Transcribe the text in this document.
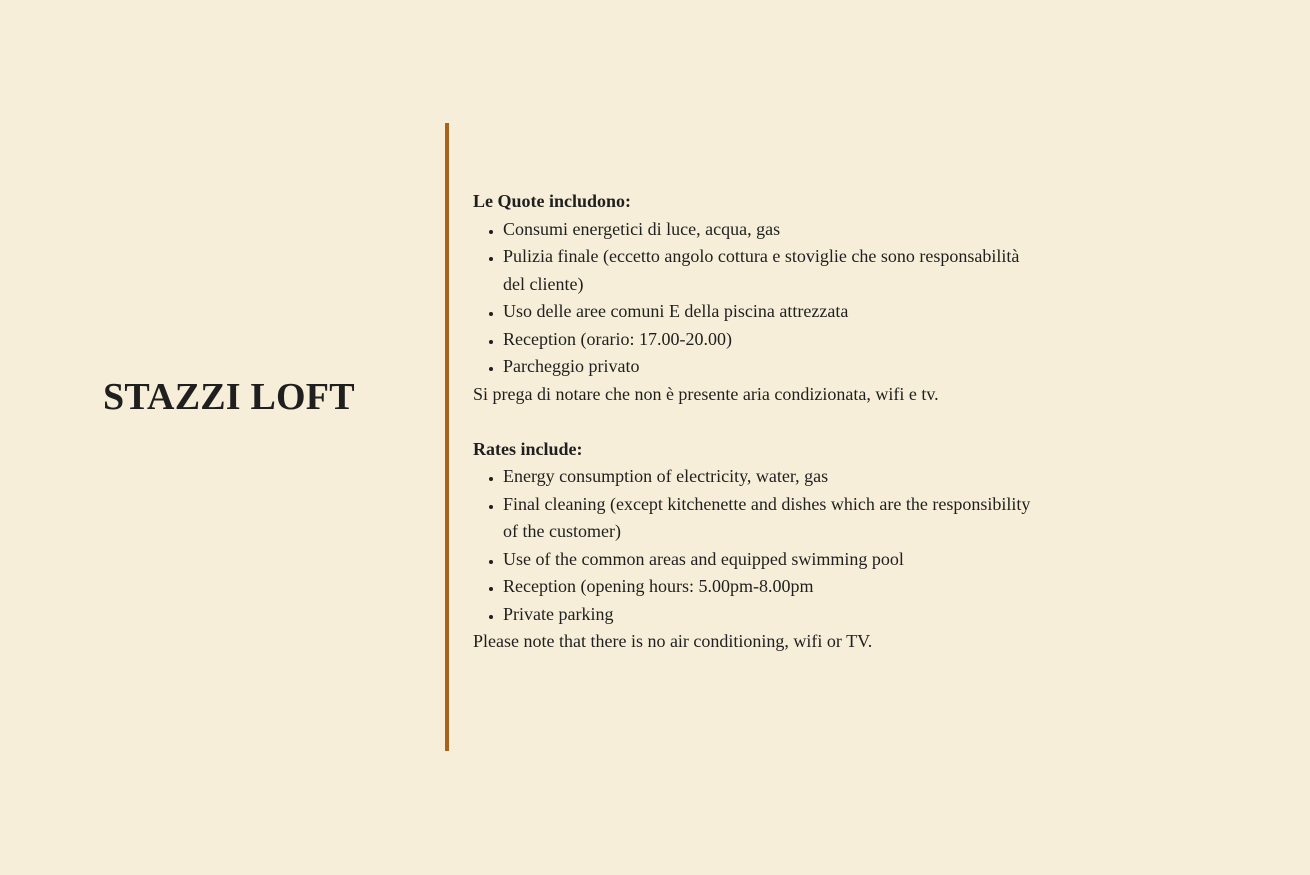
STAZZI LOFT

Le Quote includono:

• Consumi energetici di luce, acqua, gas
• Pulizia finale (eccetto angolo cottura e stoviglie che sono responsabilità del cliente)
• Uso delle aree comuni E della piscina attrezzata
• Reception (orario: 17.00-20.00)
• Parcheggio privato

Si prega di notare che non è presente aria condizionata, wifi e tv.

Rates include:

• Energy consumption of electricity, water, gas
• Final cleaning (except kitchenette and dishes which are the responsibility of the customer)
• Use of the common areas and equipped swimming pool
• Reception (opening hours: 5.00pm-8.00pm
• Private parking

Please note that there is no air conditioning, wifi or TV.
